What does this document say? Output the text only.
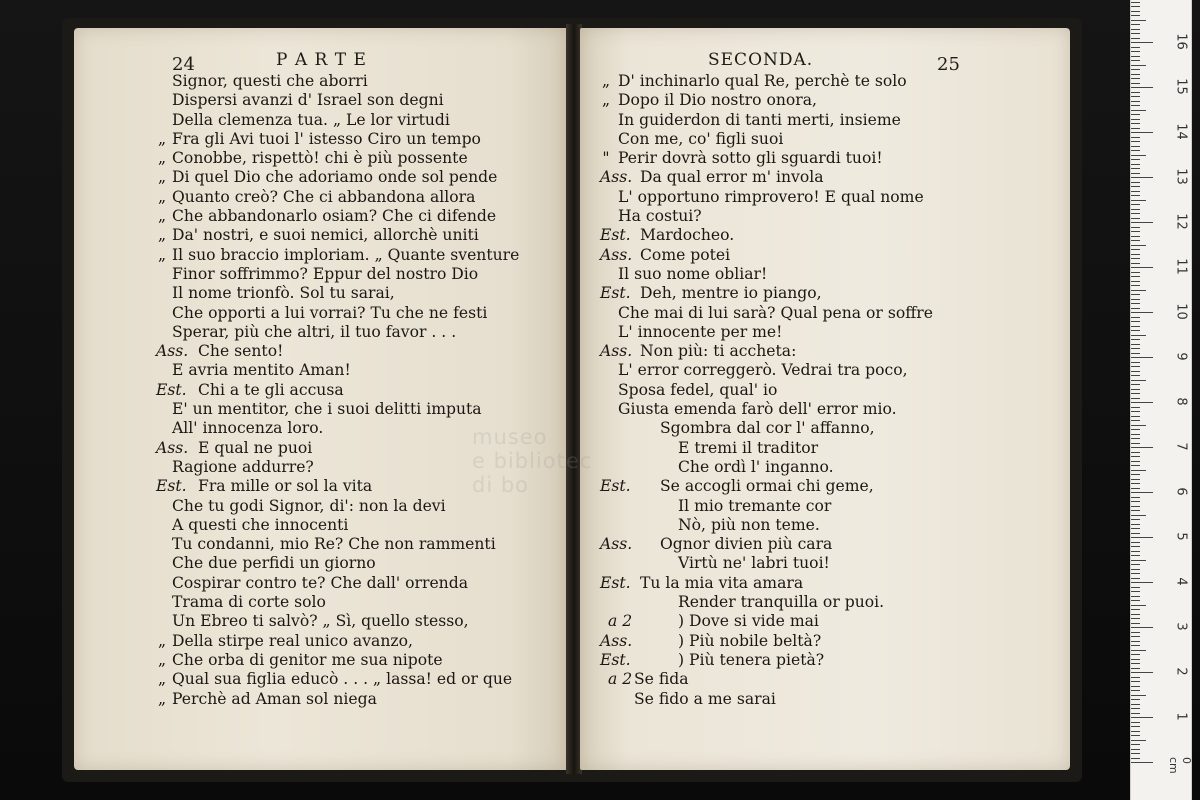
24	P A R T E
Signor, questi che aborri
Dispersi avanzi d' Israel son degni
Della clemenza tua. „ Le lor virtudi
„ Fra gli Avi tuoi l' istesso Ciro un tempo
„ Conobbe, rispettò! chi è più possente
„ Di quel Dio che adoriamo onde sol pende
„ Quanto creò? Che ci abbandona allora
„ Che abbandonarlo osiam? Che ci difende
„ Da' nostri, e suoi nemici, allorchè uniti
„ Il suo braccio imploriam. „ Quante sventure
Finor soffrimmo? Eppur del nostro Dio
Il nome trionfò. Sol tu sarai,
Che opporti a lui vorrai? Tu che ne festi
Sperar, più che altri, il tuo favor . . .
Ass. Che sento!
E avria mentito Aman!
Est. Chi a te gli accusa
E' un mentitor, che i suoi delitti imputa
All' innocenza loro.
Ass. E qual ne puoi
Ragione addurre?
Est. Fra mille or sol la vita
Che tu godi Signor, di': non la devi
A questi che innocenti
Tu condanni, mio Re? Che non rammenti
Che due perfidi un giorno
Cospirar contro te? Che dall' orrenda
Trama di corte solo
Un Ebreo ti salvò? „ Sì, quello stesso,
„ Della stirpe real unico avanzo,
„ Che orba di genitor me sua nipote
„ Qual sua figlia educò . . . „ lassa! ed or que
„ Perchè ad Aman sol niega
SECONDA.	25
„ D' inchinarlo qual Re, perchè te solo
„ Dopo il Dio nostro onora,
In guiderdon di tanti merti, insieme
Con me, co' figli suoi
" Perir dovrà sotto gli sguardi tuoi!
Ass. Da qual error m' invola
L' opportuno rimprovero! E qual nome
Ha costui?
Est. Mardocheo.
Ass. Come potei
Il suo nome obliar!
Est. Deh, mentre io piango,
Che mai di lui sarà? Qual pena or soffre
L' innocente per me!
Ass. Non più: ti accheta:
L' error correggerò. Vedrai tra poco,
Sposa fedel, qual' io
Giusta emenda farò dell' error mio.
Sgombra dal cor l' affanno,
E tremi il traditor
Che ordì l' inganno.
Est. Se accogli ormai chi geme,
Il mio tremante cor
Nò, più non teme.
Ass. Ognor divien più cara
Virtù ne' labri tuoi!
Est. Tu la mia vita amara
Render tranquilla or puoi.
a 2	) Dove si vide mai
Ass.	) Più nobile beltà?
Est.	) Più tenera pietà?
a 2 Se fida
Se fido a me sarai
museo
e bibliotec
di bo
0 cm
16
15
14
13
12
11
10
9
8
7
6
5
4
3
2
1
